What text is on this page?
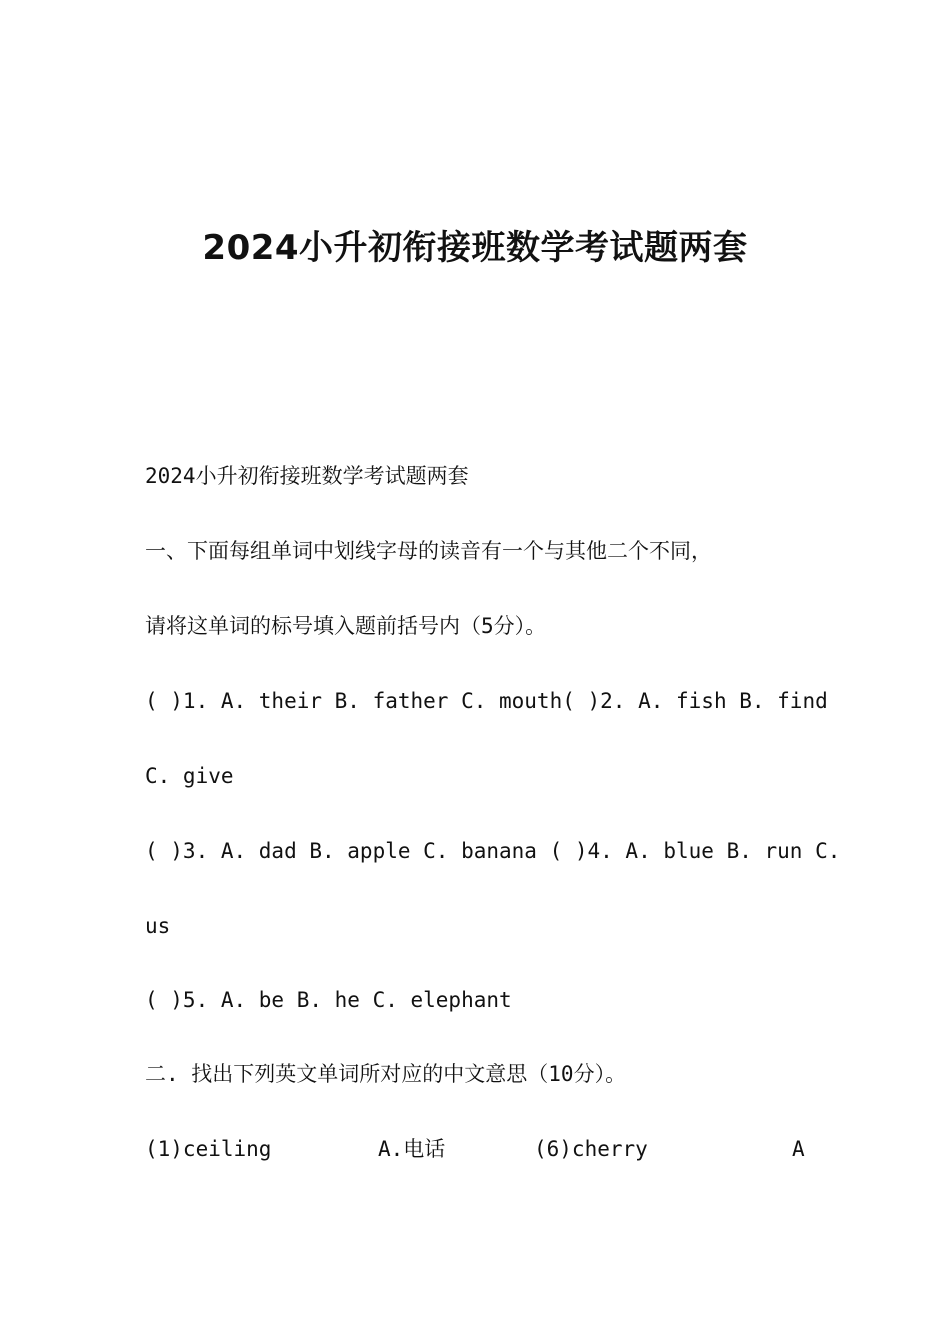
2024小升初衔接班数学考试题两套
2024小升初衔接班数学考试题两套
一、下面每组单词中划线字母的读音有一个与其他二个不同，
请将这单词的标号填入题前括号内（5分）。
( )1. A. their B. father C. mouth( )2. A. fish B. find
C. give
( )3. A. dad B. apple C. banana ( )4. A. blue B. run C.
us
( )5. A. be B. he C. elephant
二. 找出下列英文单词所对应的中文意思（10分）。
(1)ceiling	A.电话	(6)cherry	A
